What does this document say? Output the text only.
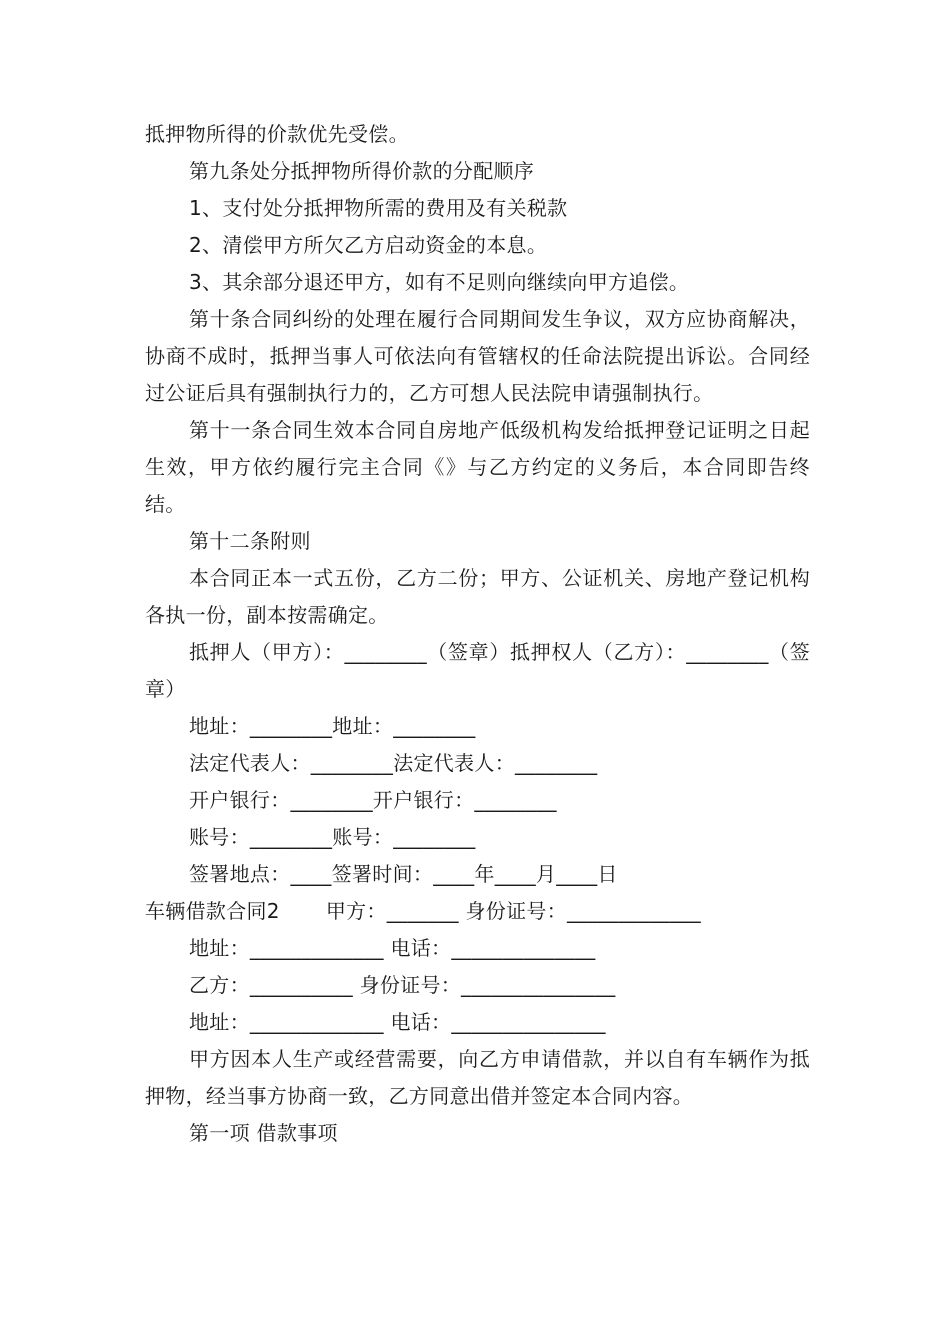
抵押物所得的价款优先受偿。

第九条处分抵押物所得价款的分配顺序

1、支付处分抵押物所需的费用及有关税款

2、清偿甲方所欠乙方启动资金的本息。

3、其余部分退还甲方，如有不足则向继续向甲方追偿。

第十条合同纠纷的处理在履行合同期间发生争议，双方应协商解决，协商不成时，抵押当事人可依法向有管辖权的任命法院提出诉讼。合同经过公证后具有强制执行力的，乙方可想人民法院申请强制执行。

第十一条合同生效本合同自房地产低级机构发给抵押登记证明之日起生效，甲方依约履行完主合同《》与乙方约定的义务后，本合同即告终结。

第十二条附则

本合同正本一式五份，乙方二份；甲方、公证机关、房地产登记机构各执一份，副本按需确定。

抵押人（甲方）：________（签章）抵押权人（乙方）：________（签章）

地址：________地址：________

法定代表人：________法定代表人：________

开户银行：________开户银行：________

账号：________账号：________

签署地点：____签署时间：____年____月____日

车辆借款合同2 甲方：_______ 身份证号：_____________

地址：_____________ 电话：______________

乙方：__________ 身份证号：_______________

地址：_____________ 电话：_______________

甲方因本人生产或经营需要，向乙方申请借款，并以自有车辆作为抵押物，经当事方协商一致，乙方同意出借并签定本合同内容。

第一项 借款事项
